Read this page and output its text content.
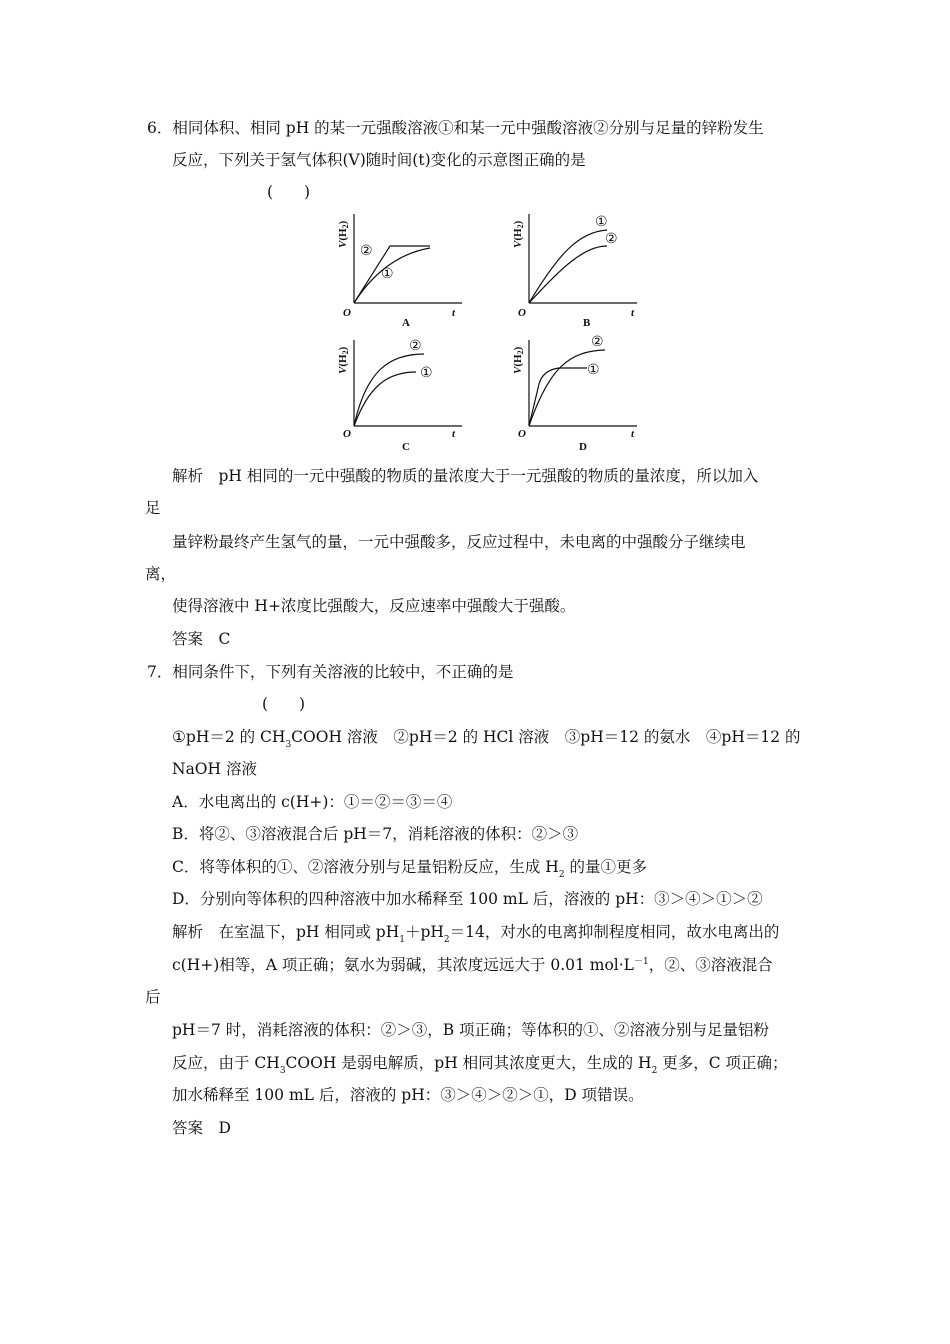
6．相同体积、相同 pH 的某一元强酸溶液①和某一元中强酸溶液②分别与足量的锌粉发生
反应，下列关于氢气体积(V)随时间(t)变化的示意图正确的是
(　　)
V(H2)
O	t
②
①
A
V(H2)
O	t
①
②
B
V(H2)
O	t
②
①
C
V(H2)
O	t
②
①
D
解析　pH 相同的一元中强酸的物质的量浓度大于一元强酸的物质的量浓度，所以加入
足
量锌粉最终产生氢气的量，一元中强酸多，反应过程中，未电离的中强酸分子继续电
离，
使得溶液中 H+浓度比强酸大，反应速率中强酸大于强酸。
答案　C
7．相同条件下，下列有关溶液的比较中，不正确的是
(　　)
①pH＝2 的 $CH_3COOH$ 溶液　②pH＝2 的 HCl 溶液　③pH＝12 的氨水　④pH＝12 的
NaOH 溶液
A．水电离出的 c(H+)：①＝②＝③＝④
B．将②、③溶液混合后 pH＝7，消耗溶液的体积：②＞③
C．将等体积的①、②溶液分别与足量铝粉反应，生成 $H_2$ 的量①更多
D．分别向等体积的四种溶液中加水稀释至 100 mL 后，溶液的 pH：③＞④＞①＞②
解析　在室温下，pH 相同或 $pH_1+pH_2=14$，对水的电离抑制程度相同，故水电离出的
c(H+)相等，A 项正确；氨水为弱碱，其浓度远远大于 0.01 $mol\cdot L^{-1}$，②、③溶液混合
后
pH＝7 时，消耗溶液的体积：②＞③，B 项正确；等体积的①、②溶液分别与足量铝粉
反应，由于 $CH_3COOH$ 是弱电解质，pH 相同其浓度更大，生成的 $H_2$ 更多，C 项正确；
加水稀释至 100 mL 后，溶液的 pH：③＞④＞②＞①，D 项错误。
答案　D
